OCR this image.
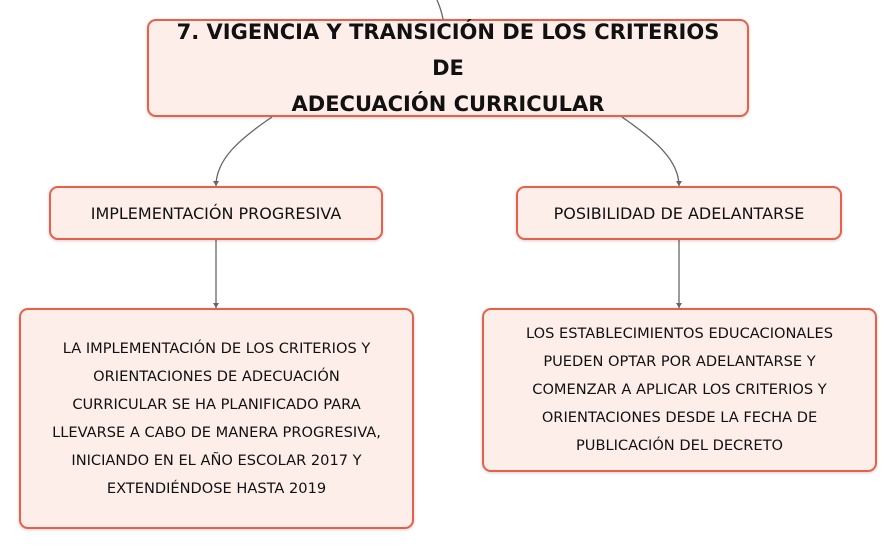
7. VIGENCIA Y TRANSICIÓN DE LOS CRITERIOS DE
ADECUACIÓN CURRICULAR
IMPLEMENTACIÓN PROGRESIVA	POSIBILIDAD DE ADELANTARSE
LA IMPLEMENTACIÓN DE LOS CRITERIOS Y
ORIENTACIONES DE ADECUACIÓN
CURRICULAR SE HA PLANIFICADO PARA
LLEVARSE A CABO DE MANERA PROGRESIVA,
INICIANDO EN EL AÑO ESCOLAR 2017 Y
EXTENDIÉNDOSE HASTA 2019
LOS ESTABLECIMIENTOS EDUCACIONALES
PUEDEN OPTAR POR ADELANTARSE Y
COMENZAR A APLICAR LOS CRITERIOS Y
ORIENTACIONES DESDE LA FECHA DE
PUBLICACIÓN DEL DECRETO
